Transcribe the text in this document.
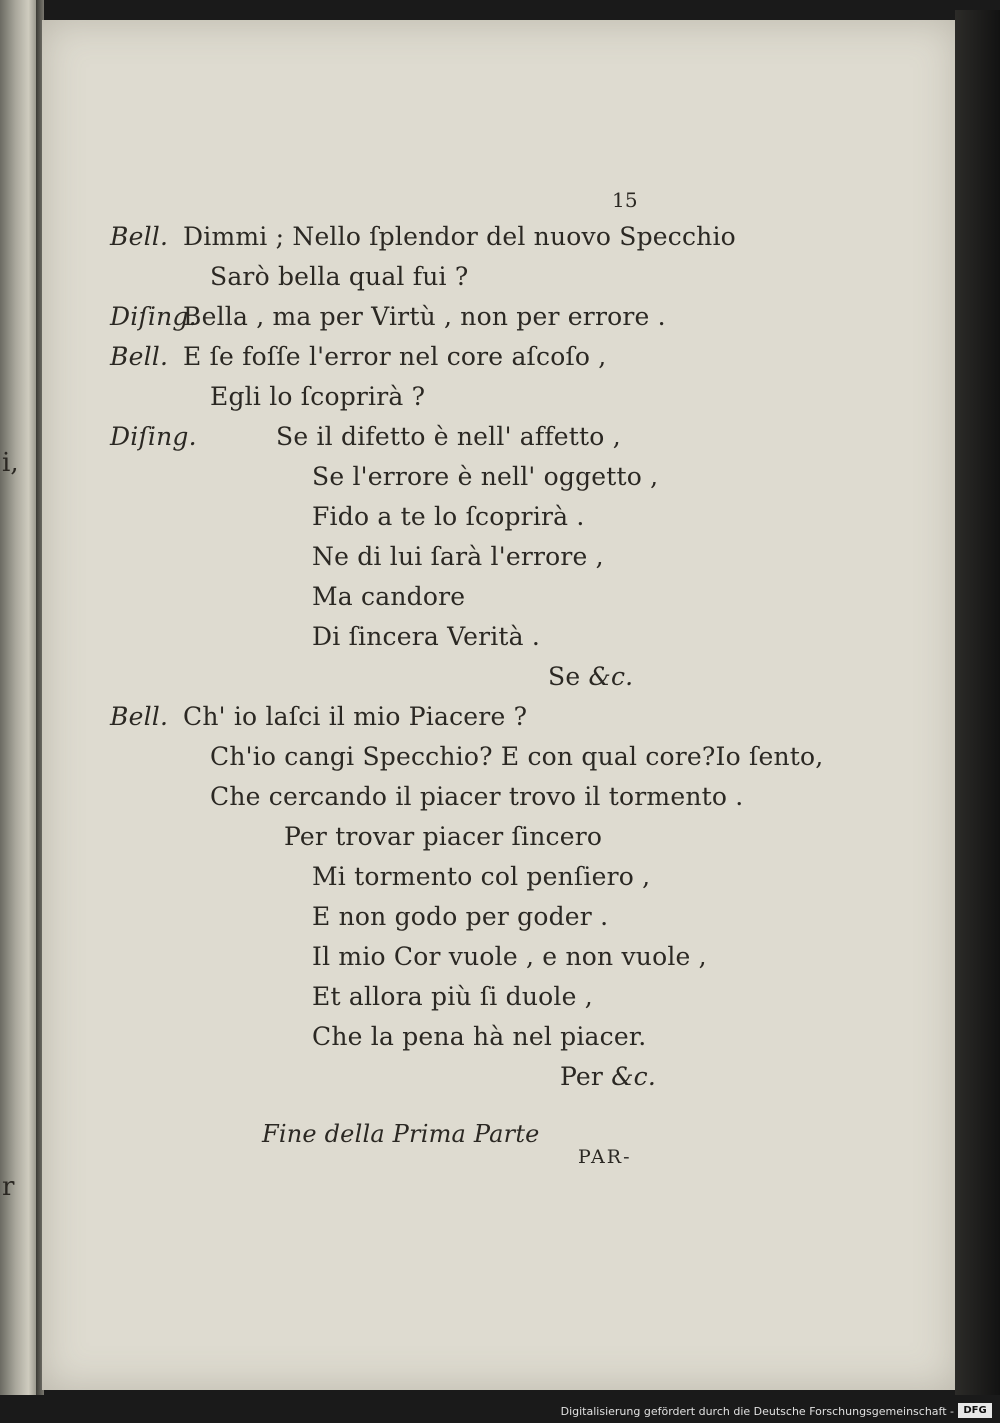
i,
r
15
Bell. Dimmi ; Nello ſplendor del nuovo Specchio
Sarò bella qual fui ?
Diſing.
Bella , ma per Virtù , non per errore .
Bell. E ſe foſſe l'error nel core aſcoſo ,
Egli lo ſcoprirà ?
Diſing.	Se il difetto è nell' affetto ,
Se l'errore è nell' oggetto ,
Fido a te lo ſcoprirà .
Ne di lui ſarà l'errore ,
Ma candore
Di ſincera Verità .
Se &c.
Bell. Ch' io laſci il mio Piacere ?
Ch'io cangi Specchio? E con qual core?Io ſento,
Che cercando il piacer trovo il tormento .
Per trovar piacer ſincero
Mi tormento col penſiero ,
E non godo per goder .
Il mio Cor vuole , e non vuole ,
Et allora più ſi duole ,
Che la pena hà nel piacer.
Per &c.
Fine della Prima Parte
PAR-
Digitalisierung gefördert durch die Deutsche Forschungsgemeinschaft - DFG
